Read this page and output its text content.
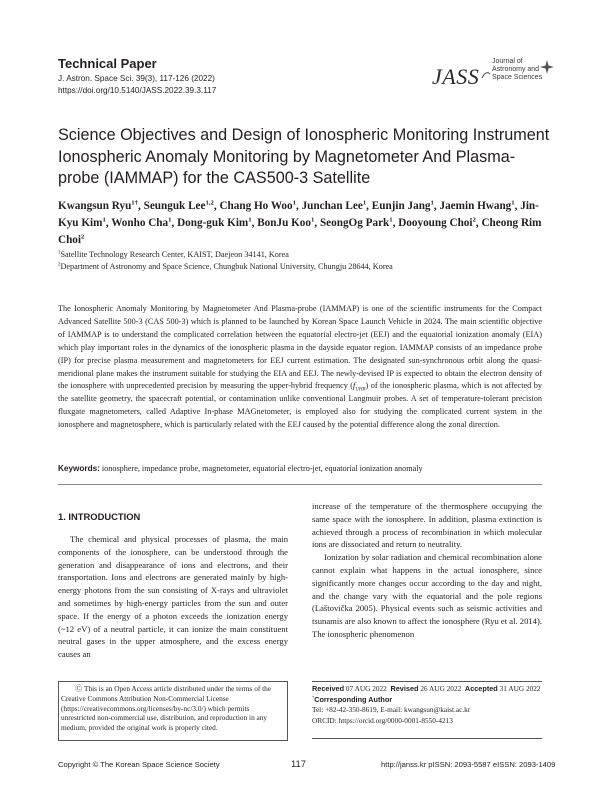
Technical Paper
J. Astron. Space Sci. 39(3), 117-126 (2022)
https://doi.org/10.5140/JASS.2022.39.3.117
JASS
Journal of
Astronomy and
Space Sciences
Science Objectives and Design of Ionospheric Monitoring Instrument
Ionospheric Anomaly Monitoring by Magnetometer And Plasma-
probe (IAMMAP) for the CAS500-3 Satellite
Kwangsun Ryu$^{1\dagger}$, Seunguk Lee$^{1,2}$, Chang Ho Woo$^1$, Junchan Lee$^1$, Eunjin Jang$^1$, Jaemin Hwang$^1$, Jin-Kyu Kim$^1$, Wonho Cha$^1$, Dong-guk Kim$^1$, BonJu Koo$^1$, SeongOg Park$^1$, Dooyoung Choi$^2$, Cheong Rim Choi$^2$
$^1$Satellite Technology Research Center, KAIST, Daejeon 34141, Korea
$^2$Department of Astronomy and Space Science, Chungbuk National University, Chungju 28644, Korea
The Ionospheric Anomaly Monitoring by Magnetometer And Plasma-probe (IAMMAP) is one of the scientific instruments for the Compact Advanced Satellite 500-3 (CAS 500-3) which is planned to be launched by Korean Space Launch Vehicle in 2024. The main scientific objective of IAMMAP is to understand the complicated correlation between the equatorial electro-jet (EEJ) and the equatorial ionization anomaly (EIA) which play important roles in the dynamics of the ionospheric plasma in the dayside equator region. IAMMAP consists of an impedance probe (IP) for precise plasma measurement and magnetometers for EEJ current estimation. The designated sun-synchronous orbit along the quasi-meridional plane makes the instrument suitable for studying the EIA and EEJ. The newly-devised IP is expected to obtain the electron density of the ionosphere with unprecedented precision by measuring the upper-hybrid frequency $(f_{UHR})$ of the ionospheric plasma, which is not affected by the satellite geometry, the spacecraft potential, or contamination unlike conventional Langmuir probes. A set of temperature-tolerant precision fluxgate magnetometers, called Adaptive In-phase MAGnetometer, is employed also for studying the complicated current system in the ionosphere and magnetosphere, which is particularly related with the EEJ caused by the potential difference along the zonal direction.
Keywords: ionosphere, impedance probe, magnetometer, equatorial electro-jet, equatorial ionization anomaly
1. INTRODUCTION

The chemical and physical processes of plasma, the main components of the ionosphere, can be understood through the generation and disappearance of ions and electrons, and their transportation. Ions and electrons are generated mainly by high-energy photons from the sun consisting of X-rays and ultraviolet and sometimes by high-energy particles from the sun and outer space. If the energy of a photon exceeds the ionization energy (~12 eV) of a neutral particle, it can ionize the main constituent neutral gases in the upper atmosphere, and the excess energy causes an

increase of the temperature of the thermosphere occupying the same space with the ionosphere. In addition, plasma extinction is achieved through a process of recombination in which molecular ions are dissociated and return to neutrality.

Ionization by solar radiation and chemical recombination alone cannot explain what happens in the actual ionosphere, since significantly more changes occur according to the day and night, and the change vary with the equatorial and the pole regions (Laštovička 2005). Physical events such as seismic activities and tsunamis are also known to affect the ionosphere (Ryu et al. 2014). The ionospheric phenomenon

Ⓒ This is an Open Access article distributed under the terms of the Creative Commons Attribution Non-Commercial License (https://creativecommons.org/licenses/by-nc/3.0/) which permits unrestricted non-commercial use, distribution, and reproduction in any medium, provided the original work is properly cited.
Received 07 AUG 2022 Revised 26 AUG 2022 Accepted 31 AUG 2022
†Corresponding Author
Tel: +82-42-350-8619, E-mail: kwangsun@kaist.ac.kr
ORCID: https://orcid.org/0000-0001-8550-4213
Copyright © The Korean Space Science Society	117	http://janss.kr pISSN: 2093-5587 eISSN: 2093-1409
